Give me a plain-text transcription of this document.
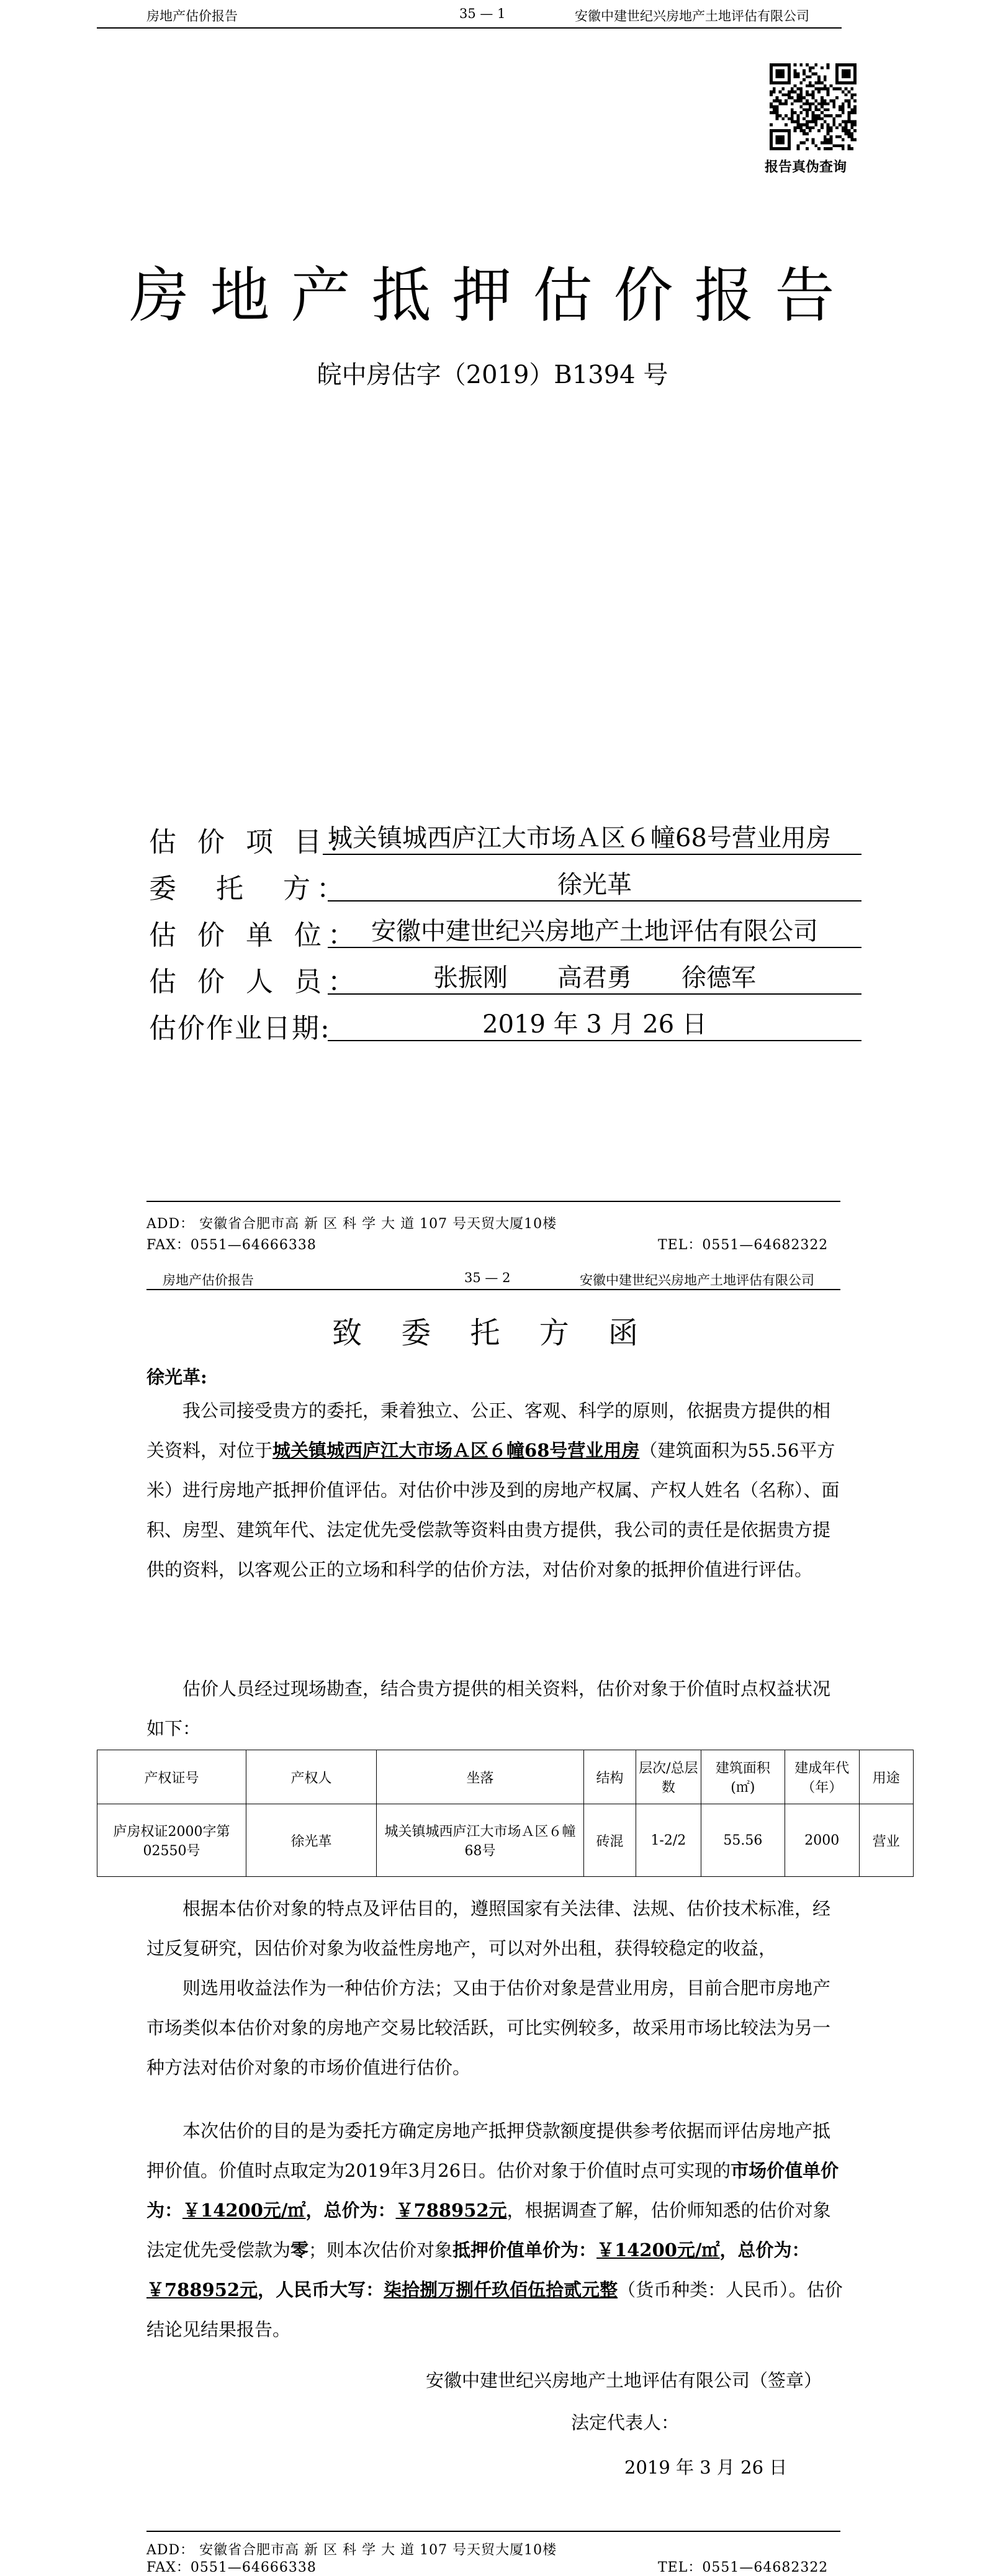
房地产估价报告	35 — 1	安徽中建世纪兴房地产土地评估有限公司
报告真伪查询
房地产抵押估价报告
皖中房估字（2019）B1394 号
估 价 项 目：
城关镇城西庐江大市场Ａ区６幢68号营业用房
委　托　方：	徐光革
估 价 单 位： 安徽中建世纪兴房地产土地评估有限公司
估 价 人 员：	张振刚　　高君勇　　徐德军
估价作业日期:	2019 年 3 月 26 日
ADD： 安徽省合肥市高 新 区 科 学 大 道 107 号天贸大厦10楼
FAX：0551—64666338	TEL：0551—64682322
房地产估价报告	35 — 2	安徽中建世纪兴房地产土地评估有限公司
致 委 托 方 函
徐光革:
我公司接受贵方的委托，秉着独立、公正、客观、科学的原则，依据贵方提供的相关资料，对位于城关镇城西庐江大市场Ａ区６幢68号营业用房（建筑面积为55.56平方米）进行房地产抵押价值评估。对估价中涉及到的房地产权属、产权人姓名（名称）、面积、房型、建筑年代、法定优先受偿款等资料由贵方提供，我公司的责任是依据贵方提供的资料，以客观公正的立场和科学的估价方法，对估价对象的抵押价值进行评估。
估价人员经过现场勘查，结合贵方提供的相关资料，估价对象于价值时点权益状况如下：
产权证号	产权人	坐落	结构	层次/总层数	建筑面积(㎡)	建成年代（年）	用途
庐房权证2000字第02550号	徐光革	城关镇城西庐江大市场Ａ区６幢68号	砖混	1-2/2	55.56	2000	营业
根据本估价对象的特点及评估目的，遵照国家有关法律、法规、估价技术标准，经过反复研究，因估价对象为收益性房地产，可以对外出租，获得较稳定的收益，
则选用收益法作为一种估价方法；又由于估价对象是营业用房，目前合肥市房地产市场类似本估价对象的房地产交易比较活跃，可比实例较多，故采用市场比较法为另一种方法对估价对象的市场价值进行估价。
本次估价的目的是为委托方确定房地产抵押贷款额度提供参考依据而评估房地产抵押价值。价值时点取定为2019年3月26日。估价对象于价值时点可实现的市场价值单价为：￥14200元/㎡，总价为：￥788952元，根据调查了解，估价师知悉的估价对象法定优先受偿款为零；则本次估价对象抵押价值单价为：￥14200元/㎡，总价为：￥788952元，人民币大写：柒拾捌万捌仟玖佰伍拾贰元整（货币种类：人民币）。估价结论见结果报告。
安徽中建世纪兴房地产土地评估有限公司（签章）
法定代表人：
2019 年 3 月 26 日
ADD： 安徽省合肥市高 新 区 科 学 大 道 107 号天贸大厦10楼
FAX：0551—64666338	TEL：0551—64682322
